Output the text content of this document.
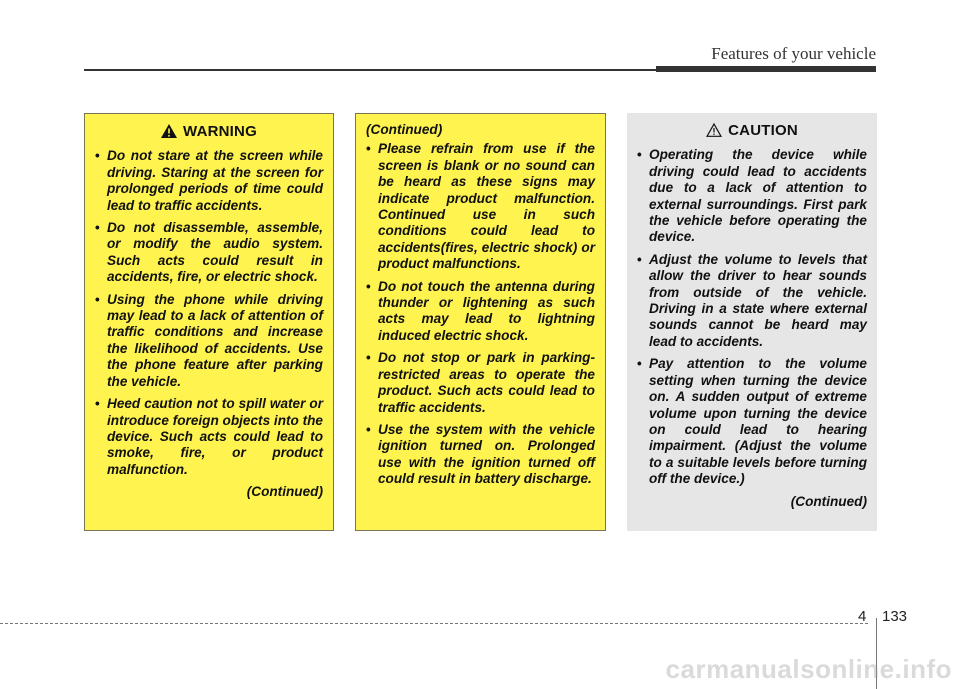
Features of your vehicle
WARNING
• Do not stare at the screen while driving. Staring at the screen for prolonged periods of time could lead to traffic accidents.
• Do not disassemble, assemble, or modify the audio system. Such acts could result in accidents, fire, or electric shock.
• Using the phone while driving may lead to a lack of attention of traffic conditions and increase the likelihood of accidents. Use the phone feature after parking the vehicle.
• Heed caution not to spill water or introduce foreign objects into the device. Such acts could lead to smoke, fire, or product malfunction.
(Continued)
(Continued)
• Please refrain from use if the screen is blank or no sound can be heard as these signs may indicate product malfunction. Continued use in such conditions could lead to accidents(fires, electric shock) or product malfunctions.
• Do not touch the antenna during thunder or lightening as such acts may lead to lightning induced electric shock.
• Do not stop or park in parking-restricted areas to operate the product. Such acts could lead to traffic accidents.
• Use the system with the vehicle ignition turned on. Prolonged use with the ignition turned off could result in battery discharge.
CAUTION
• Operating the device while driving could lead to accidents due to a lack of attention to external surroundings. First park the vehicle before operating the device.
• Adjust the volume to levels that allow the driver to hear sounds from outside of the vehicle. Driving in a state where external sounds cannot be heard may lead to accidents.
• Pay attention to the volume setting when turning the device on. A sudden output of extreme volume upon turning the device on could lead to hearing impairment. (Adjust the volume to a suitable levels before turning off the device.)
(Continued)
4 133
carmanualsonline.info
